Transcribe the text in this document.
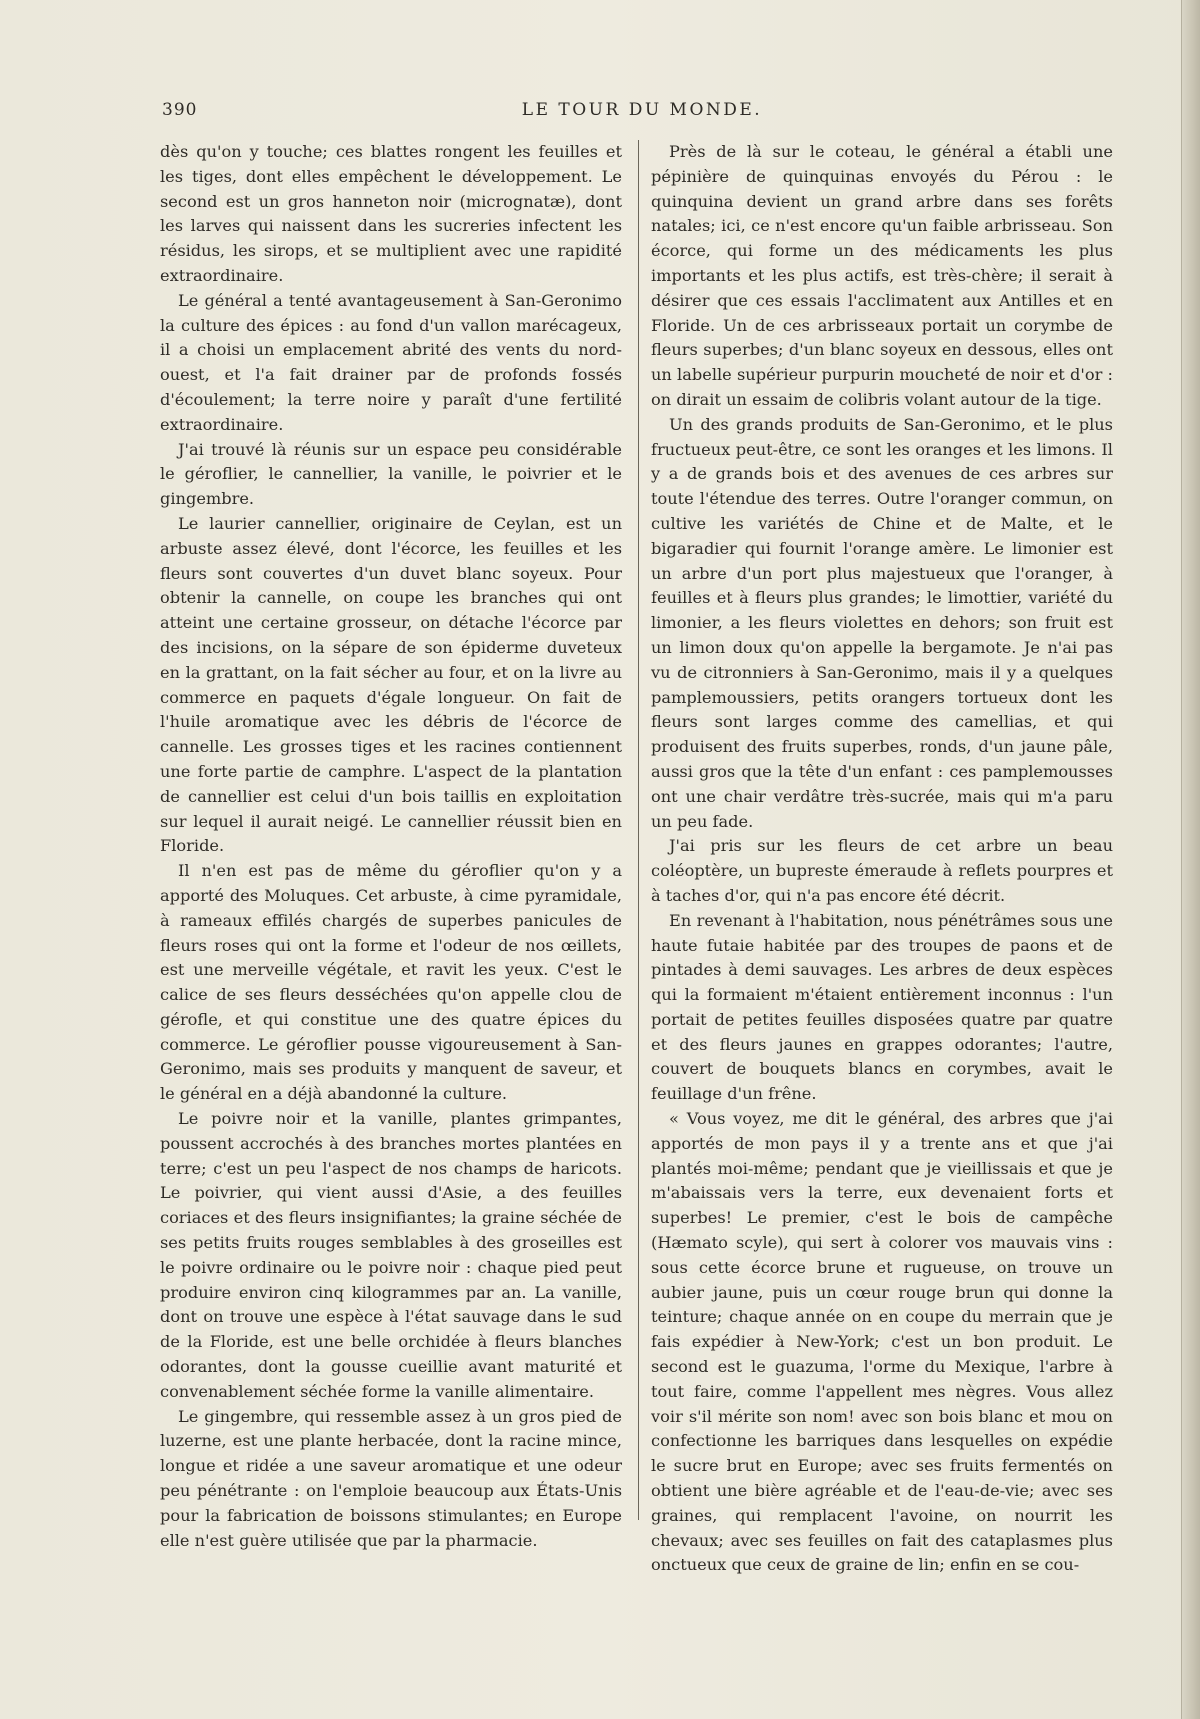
390	LE TOUR DU MONDE.

dès qu'on y touche; ces blattes rongent les feuilles et les tiges, dont elles empêchent le développement. Le second est un gros hanneton noir (micrognatæ), dont les larves qui naissent dans les sucreries infectent les résidus, les sirops, et se multiplient avec une rapidité extraordinaire.

Le général a tenté avantageusement à San-Geronimo la culture des épices : au fond d'un vallon marécageux, il a choisi un emplacement abrité des vents du nord-ouest, et l'a fait drainer par de profonds fossés d'écoulement; la terre noire y paraît d'une fertilité extraordinaire.

J'ai trouvé là réunis sur un espace peu considérable le géroflier, le cannellier, la vanille, le poivrier et le gingembre.

Le laurier cannellier, originaire de Ceylan, est un arbuste assez élevé, dont l'écorce, les feuilles et les fleurs sont couvertes d'un duvet blanc soyeux. Pour obtenir la cannelle, on coupe les branches qui ont atteint une certaine grosseur, on détache l'écorce par des incisions, on la sépare de son épiderme duveteux en la grattant, on la fait sécher au four, et on la livre au commerce en paquets d'égale longueur. On fait de l'huile aromatique avec les débris de l'écorce de cannelle. Les grosses tiges et les racines contiennent une forte partie de camphre. L'aspect de la plantation de cannellier est celui d'un bois taillis en exploitation sur lequel il aurait neigé. Le cannellier réussit bien en Floride.

Il n'en est pas de même du géroflier qu'on y a apporté des Moluques. Cet arbuste, à cime pyramidale, à rameaux effilés chargés de superbes panicules de fleurs roses qui ont la forme et l'odeur de nos œillets, est une merveille végétale, et ravit les yeux. C'est le calice de ses fleurs desséchées qu'on appelle clou de gérofle, et qui constitue une des quatre épices du commerce. Le géroflier pousse vigoureusement à San-Geronimo, mais ses produits y manquent de saveur, et le général en a déjà abandonné la culture.

Le poivre noir et la vanille, plantes grimpantes, poussent accrochés à des branches mortes plantées en terre; c'est un peu l'aspect de nos champs de haricots. Le poivrier, qui vient aussi d'Asie, a des feuilles coriaces et des fleurs insignifiantes; la graine séchée de ses petits fruits rouges semblables à des groseilles est le poivre ordinaire ou le poivre noir : chaque pied peut produire environ cinq kilogrammes par an. La vanille, dont on trouve une espèce à l'état sauvage dans le sud de la Floride, est une belle orchidée à fleurs blanches odorantes, dont la gousse cueillie avant maturité et convenablement séchée forme la vanille alimentaire.

Le gingembre, qui ressemble assez à un gros pied de luzerne, est une plante herbacée, dont la racine mince, longue et ridée a une saveur aromatique et une odeur peu pénétrante : on l'emploie beaucoup aux États-Unis pour la fabrication de boissons stimulantes; en Europe elle n'est guère utilisée que par la pharmacie.

Près de là sur le coteau, le général a établi une pépinière de quinquinas envoyés du Pérou : le quinquina devient un grand arbre dans ses forêts natales; ici, ce n'est encore qu'un faible arbrisseau. Son écorce, qui forme un des médicaments les plus importants et les plus actifs, est très-chère; il serait à désirer que ces essais l'acclimatent aux Antilles et en Floride. Un de ces arbrisseaux portait un corymbe de fleurs superbes; d'un blanc soyeux en dessous, elles ont un labelle supérieur purpurin moucheté de noir et d'or : on dirait un essaim de colibris volant autour de la tige.

Un des grands produits de San-Geronimo, et le plus fructueux peut-être, ce sont les oranges et les limons. Il y a de grands bois et des avenues de ces arbres sur toute l'étendue des terres. Outre l'oranger commun, on cultive les variétés de Chine et de Malte, et le bigaradier qui fournit l'orange amère. Le limonier est un arbre d'un port plus majestueux que l'oranger, à feuilles et à fleurs plus grandes; le limottier, variété du limonier, a les fleurs violettes en dehors; son fruit est un limon doux qu'on appelle la bergamote. Je n'ai pas vu de citronniers à San-Geronimo, mais il y a quelques pamplemoussiers, petits orangers tortueux dont les fleurs sont larges comme des camellias, et qui produisent des fruits superbes, ronds, d'un jaune pâle, aussi gros que la tête d'un enfant : ces pamplemousses ont une chair verdâtre très-sucrée, mais qui m'a paru un peu fade.

J'ai pris sur les fleurs de cet arbre un beau coléoptère, un bupreste émeraude à reflets pourpres et à taches d'or, qui n'a pas encore été décrit.

En revenant à l'habitation, nous pénétrâmes sous une haute futaie habitée par des troupes de paons et de pintades à demi sauvages. Les arbres de deux espèces qui la formaient m'étaient entièrement inconnus : l'un portait de petites feuilles disposées quatre par quatre et des fleurs jaunes en grappes odorantes; l'autre, couvert de bouquets blancs en corymbes, avait le feuillage d'un frêne.

« Vous voyez, me dit le général, des arbres que j'ai apportés de mon pays il y a trente ans et que j'ai plantés moi-même; pendant que je vieillissais et que je m'abaissais vers la terre, eux devenaient forts et superbes! Le premier, c'est le bois de campêche (Hæmato scyle), qui sert à colorer vos mauvais vins : sous cette écorce brune et rugueuse, on trouve un aubier jaune, puis un cœur rouge brun qui donne la teinture; chaque année on en coupe du merrain que je fais expédier à New-York; c'est un bon produit. Le second est le guazuma, l'orme du Mexique, l'arbre à tout faire, comme l'appellent mes nègres. Vous allez voir s'il mérite son nom! avec son bois blanc et mou on confectionne les barriques dans lesquelles on expédie le sucre brut en Europe; avec ses fruits fermentés on obtient une bière agréable et de l'eau-de-vie; avec ses graines, qui remplacent l'avoine, on nourrit les chevaux; avec ses feuilles on fait des cataplasmes plus onctueux que ceux de graine de lin; enfin en se cou-
